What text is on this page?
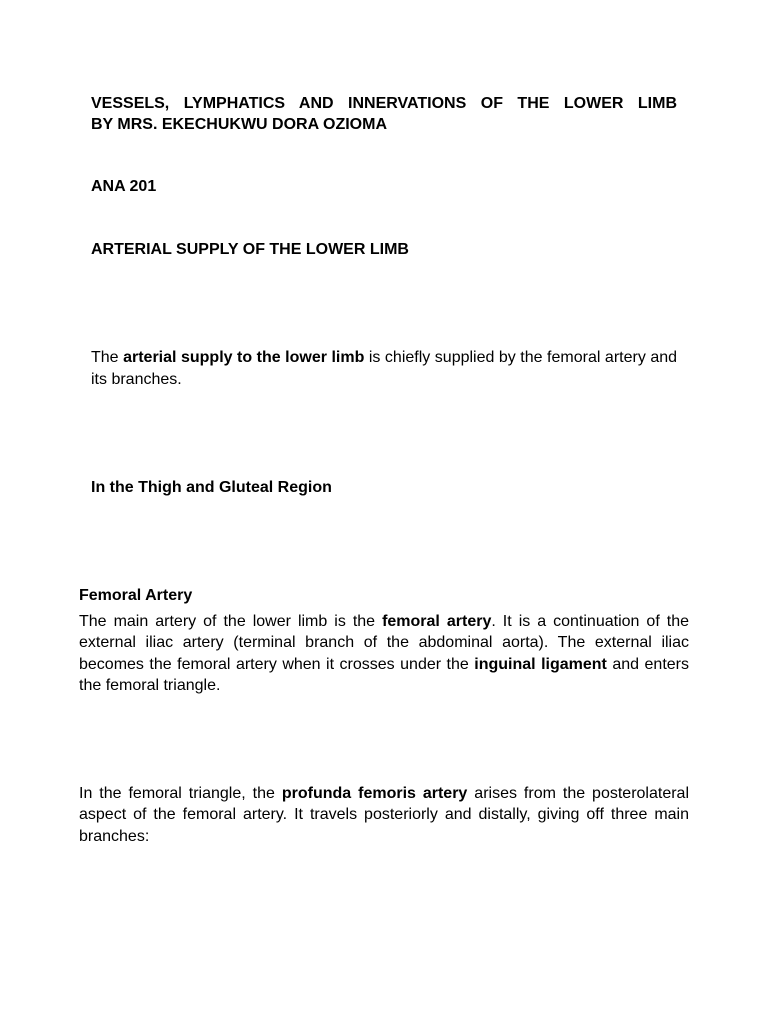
VESSELS, LYMPHATICS AND INNERVATIONS OF THE LOWER LIMB
BY MRS. EKECHUKWU DORA OZIOMA
ANA 201
ARTERIAL SUPPLY OF THE LOWER LIMB

The arterial supply to the lower limb is chiefly supplied by the femoral artery and its branches.

In the Thigh and Gluteal Region
Femoral Artery

The main artery of the lower limb is the femoral artery. It is a continuation of the external iliac artery (terminal branch of the abdominal aorta). The external iliac becomes the femoral artery when it crosses under the inguinal ligament and enters the femoral triangle.

In the femoral triangle, the profunda femoris artery arises from the posterolateral aspect of the femoral artery. It travels posteriorly and distally, giving off three main branches:
